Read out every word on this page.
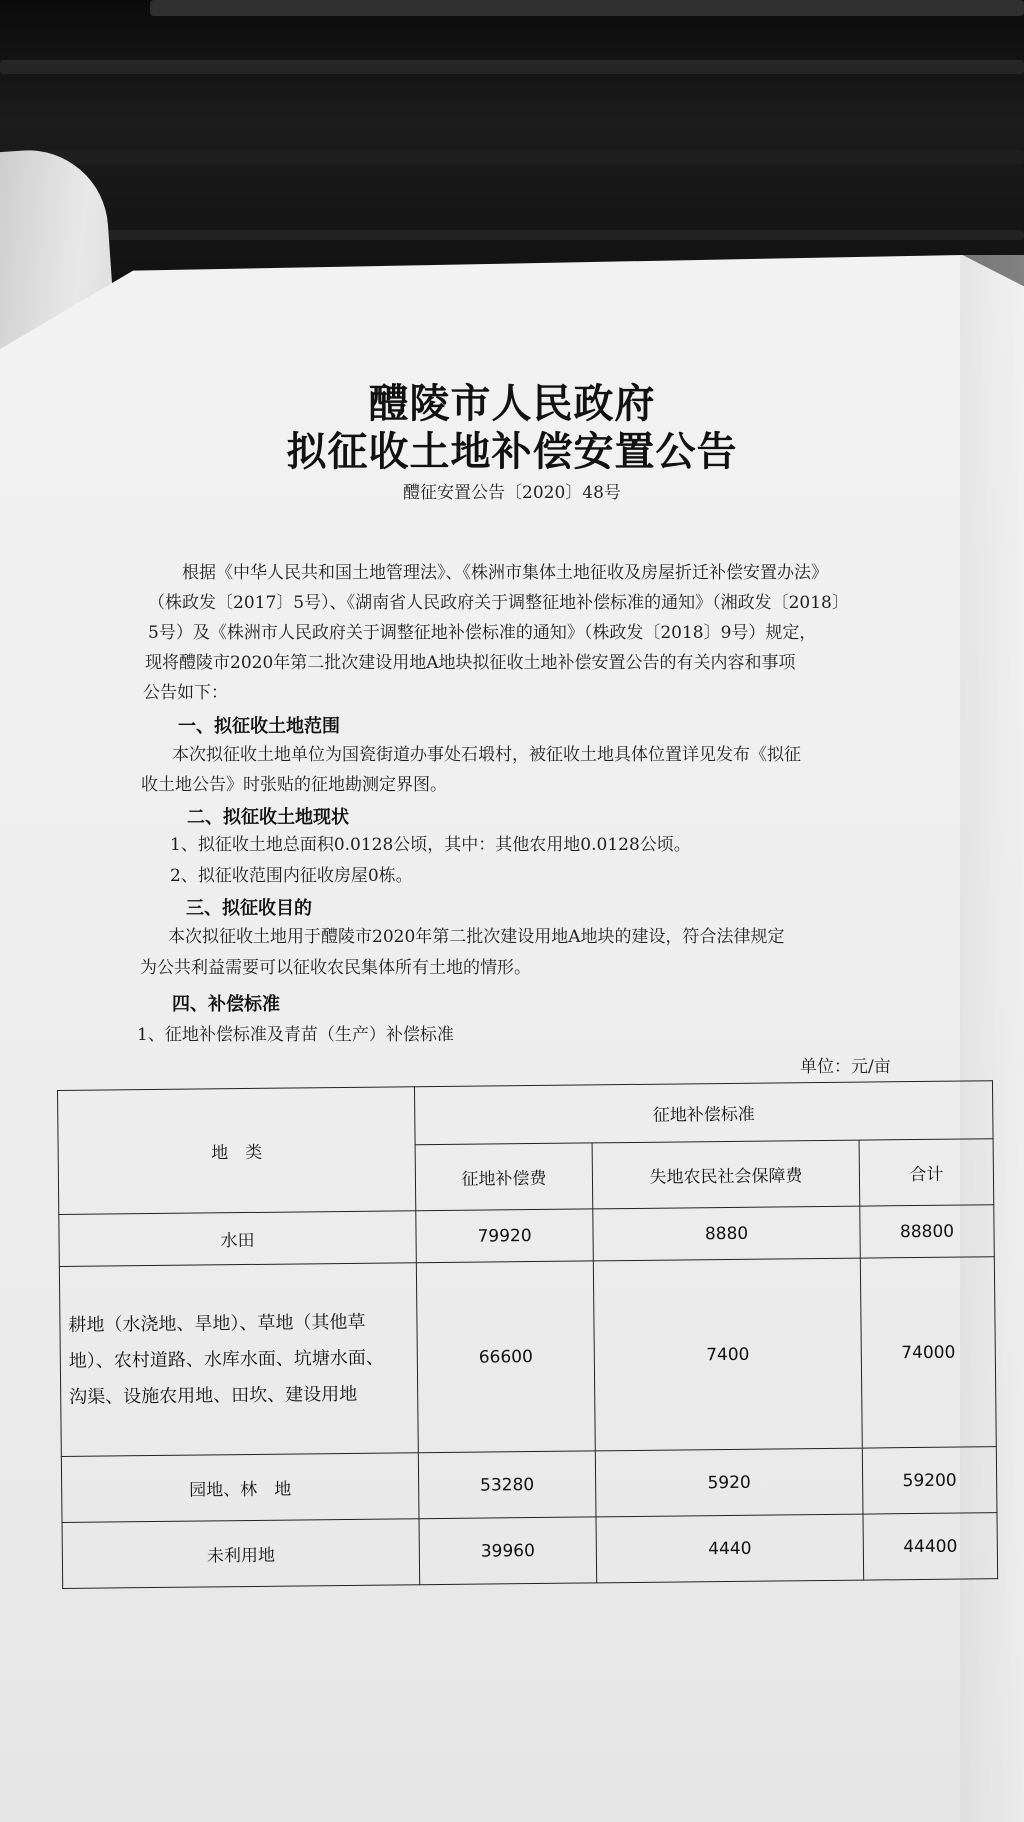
醴陵市人民政府
拟征收土地补偿安置公告
醴征安置公告〔2020〕48号
根据《中华人民共和国土地管理法》、《株洲市集体土地征收及房屋折迁补偿安置办法》
（株政发〔2017〕5号）、《湖南省人民政府关于调整征地补偿标准的通知》（湘政发〔2018〕
5号）及《株洲市人民政府关于调整征地补偿标准的通知》（株政发〔2018〕9号）规定，
现将醴陵市2020年第二批次建设用地A地块拟征收土地补偿安置公告的有关内容和事项
公告如下：
一、拟征收土地范围
本次拟征收土地单位为国瓷街道办事处石塅村，被征收土地具体位置详见发布《拟征
收土地公告》时张贴的征地勘测定界图。
二、拟征收土地现状
1、拟征收土地总面积0.0128公顷，其中：其他农用地0.0128公顷。
2、拟征收范围内征收房屋0栋。
三、拟征收目的
本次拟征收土地用于醴陵市2020年第二批次建设用地A地块的建设，符合法律规定
为公共利益需要可以征收农民集体所有土地的情形。
四、补偿标准
1、征地补偿标准及青苗（生产）补偿标准
单位：元/亩
地　类	征地补偿标准		
	征地补偿费	失地农民社会保障费	合计
水田	79920	8880	88800

耕地（水浇地、旱地）、草地（其他草
地）、农村道路、水库水面、坑塘水面、
沟渠、设施农用地、田坎、建设用地	66600	7400	74000
园地、林　地	53280	5920	59200
未利用地	39960	4440	44400
